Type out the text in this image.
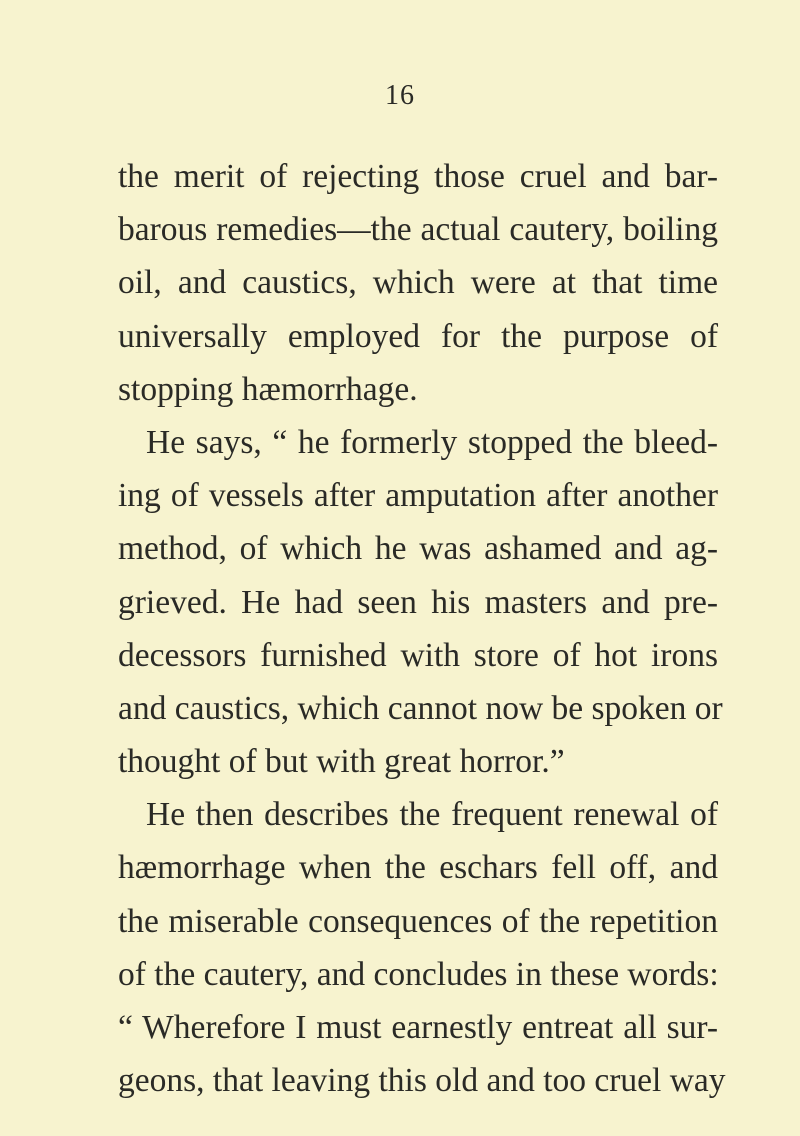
16
the merit of rejecting those cruel and bar-
barous remedies—the actual cautery, boiling
oil, and caustics, which were at that time
universally employed for the purpose of
stopping hæmorrhage.
He says, “ he formerly stopped the bleed-
ing of vessels after amputation after another
method, of which he was ashamed and ag-
grieved. He had seen his masters and pre-
decessors furnished with store of hot irons
and caustics, which cannot now be spoken or
thought of but with great horror.”
He then describes the frequent renewal of
hæmorrhage when the eschars fell off, and
the miserable consequences of the repetition
of the cautery, and concludes in these words:
“ Wherefore I must earnestly entreat all sur-
geons, that leaving this old and too cruel way
